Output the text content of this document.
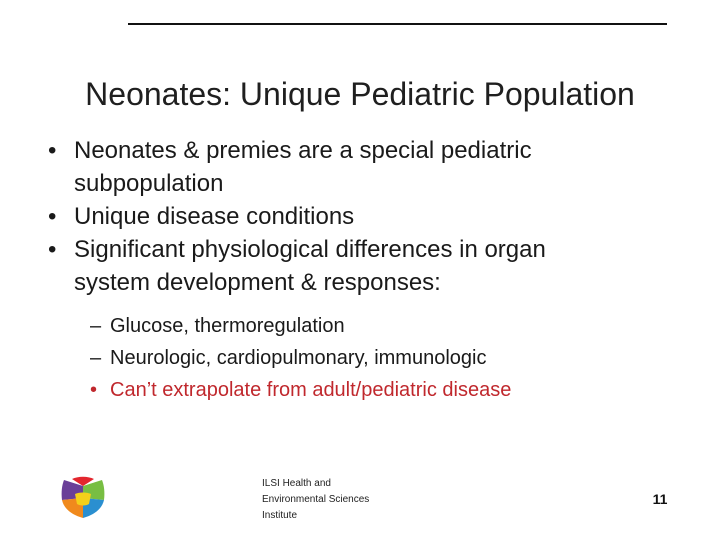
Neonates: Unique Pediatric Population
• Neonates & premies are a special pediatric
subpopulation
• Unique disease conditions
• Significant physiological differences in organ
system development & responses:
– Glucose, thermoregulation
– Neurologic, cardiopulmonary, immunologic
• Can’t extrapolate from adult/pediatric disease
ILSI Health and
Environmental Sciences
Institute
11
